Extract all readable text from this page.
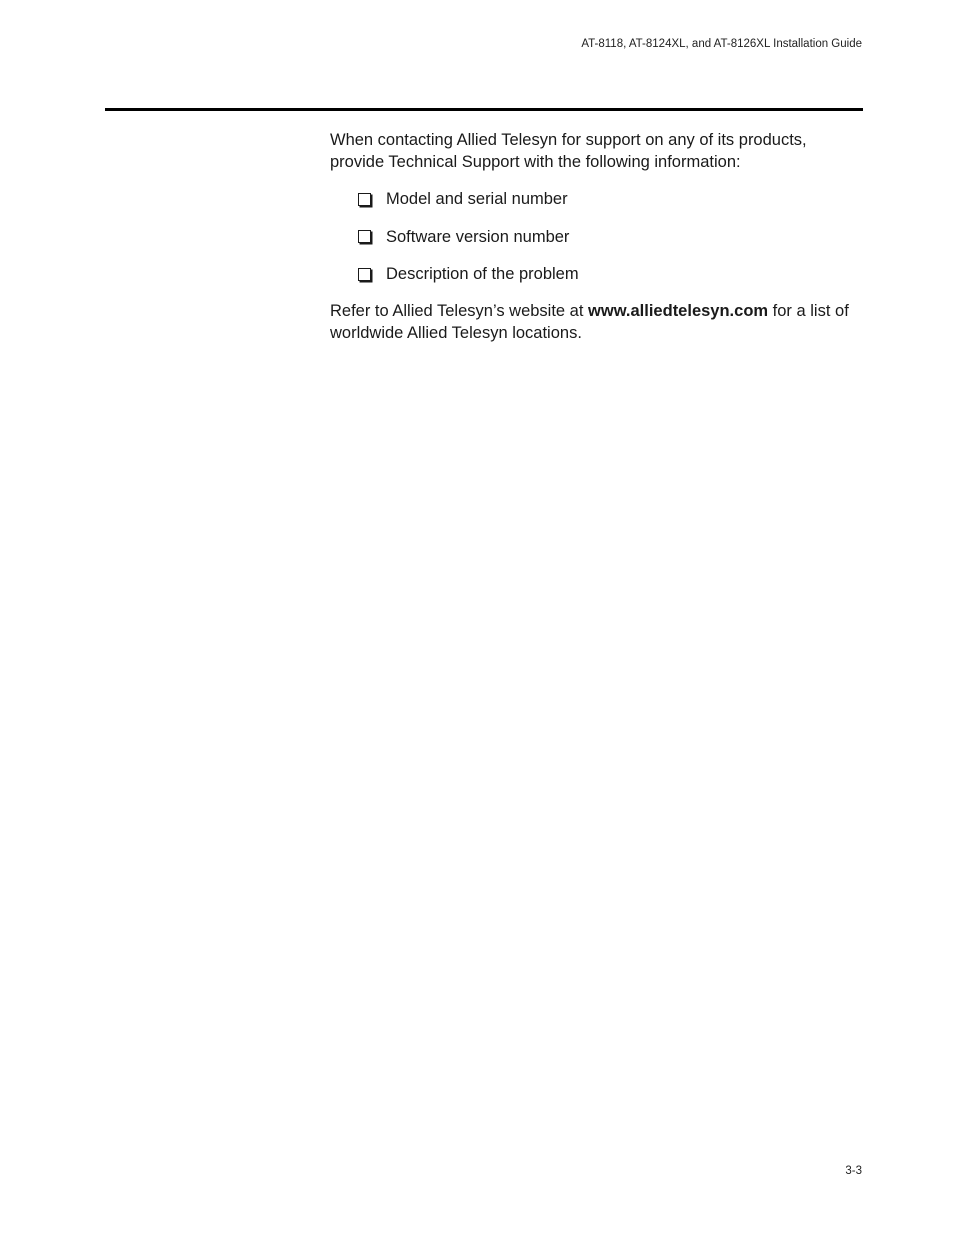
AT-8118, AT-8124XL, and AT-8126XL Installation Guide

When contacting Allied Telesyn for support on any of its products, provide Technical Support with the following information:

Model and serial number
Software version number
Description of the problem

Refer to Allied Telesyn’s website at www.alliedtelesyn.com for a list of worldwide Allied Telesyn locations.

3-3
